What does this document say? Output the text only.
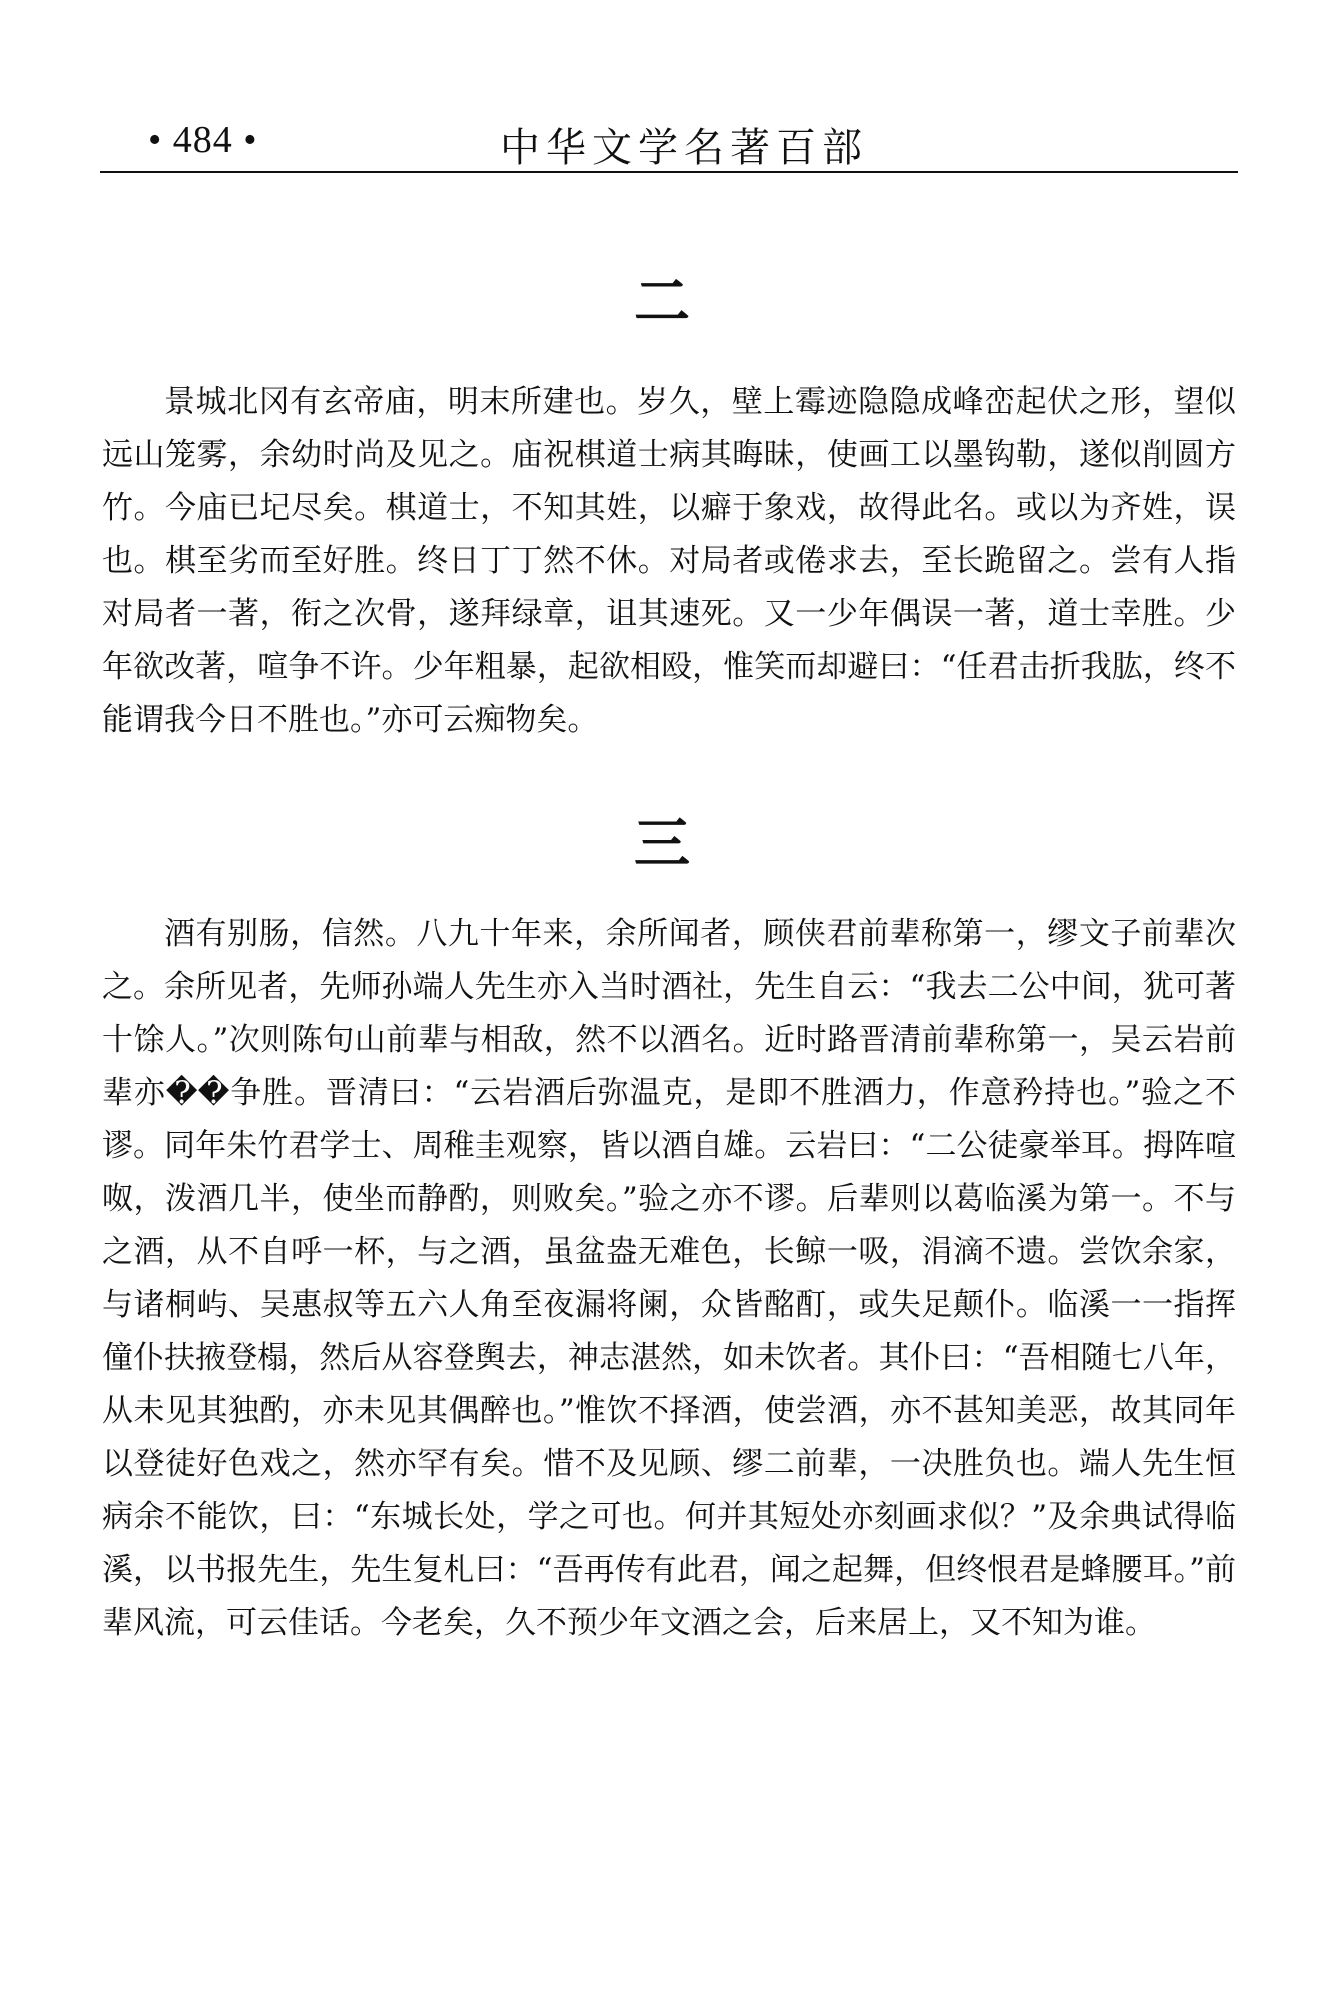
• 484 •	中华文学名著百部
二

景城北冈有玄帝庙，明末所建也。岁久，壁上霉迹隐隐成峰峦起伏之形，望似远山笼雾，余幼时尚及见之。庙祝棋道士病其晦昧，使画工以墨钩勒，遂似削圆方竹。今庙已圮尽矣。棋道士，不知其姓，以癖于象戏，故得此名。或以为齐姓，误也。棋至劣而至好胜。终日丁丁然不休。对局者或倦求去，至长跪留之。尝有人指对局者一著，衔之次骨，遂拜绿章，诅其速死。又一少年偶误一著，道士幸胜。少年欲改著，喧争不许。少年粗暴，起欲相殴，惟笑而却避曰：“任君击折我肱，终不能谓我今日不胜也。”亦可云痴物矣。

三

酒有别肠，信然。八九十年来，余所闻者，顾侠君前辈称第一，缪文子前辈次之。余所见者，先师孙端人先生亦入当时酒社，先生自云：“我去二公中间，犹可著十馀人。”次则陈句山前辈与相敌，然不以酒名。近时路晋清前辈称第一，吴云岩前辈亦��争胜。晋清曰：“云岩酒后弥温克，是即不胜酒力，作意矜持也。”验之不谬。同年朱竹君学士、周稚圭观察，皆以酒自雄。云岩曰：“二公徒豪举耳。拇阵喧呶，泼酒几半，使坐而静酌，则败矣。”验之亦不谬。后辈则以葛临溪为第一。不与之酒，从不自呼一杯，与之酒，虽盆盎无难色，长鲸一吸，涓滴不遗。尝饮余家，与诸桐屿、吴惠叔等五六人角至夜漏将阑，众皆酩酊，或失足颠仆。临溪一一指挥僮仆扶掖登榻，然后从容登舆去，神志湛然，如未饮者。其仆曰：“吾相随七八年，从未见其独酌，亦未见其偶醉也。”惟饮不择酒，使尝酒，亦不甚知美恶，故其同年以登徒好色戏之，然亦罕有矣。惜不及见顾、缪二前辈，一决胜负也。端人先生恒病余不能饮，曰：“东城长处，学之可也。何并其短处亦刻画求似？”及余典试得临溪，以书报先生，先生复札曰：“吾再传有此君，闻之起舞，但终恨君是蜂腰耳。”前辈风流，可云佳话。今老矣，久不预少年文酒之会，后来居上，又不知为谁。
